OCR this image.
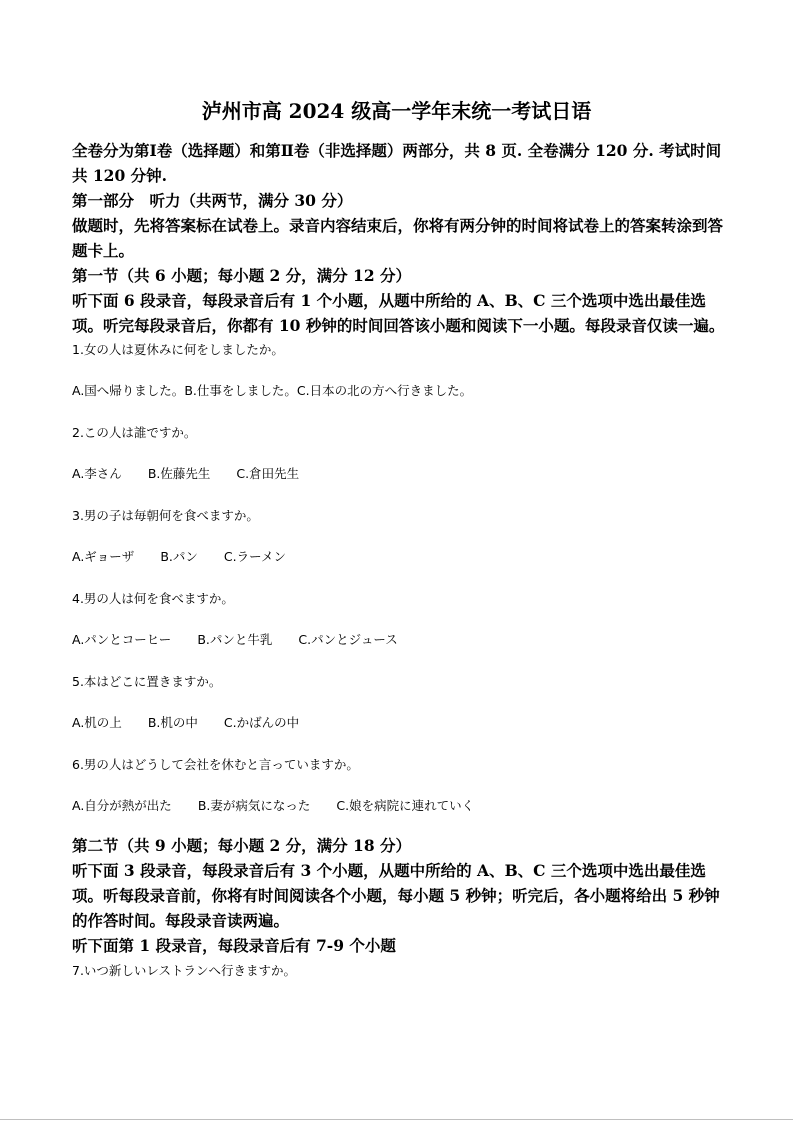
泸州市高 2024 级高一学年末统一考试日语

全卷分为第Ⅰ卷（选择题）和第Ⅱ卷（非选择题）两部分，共 8 页. 全卷满分 120 分. 考试时间共 120 分钟.

第一部分　听力（共两节，满分 30 分）

做题时，先将答案标在试卷上。录音内容结束后，你将有两分钟的时间将试卷上的答案转涂到答题卡上。

第一节（共 6 小题；每小题 2 分，满分 12 分）

听下面 6 段录音，每段录音后有 1 个小题，从题中所给的 A、B、C 三个选项中选出最佳选项。听完每段录音后，你都有 10 秒钟的时间回答该小题和阅读下一小题。每段录音仅读一遍。

1.女の人は夏休みに何をしましたか。

A.国へ帰りました。B.仕事をしました。C.日本の北の方へ行きました。

2.この人は誰ですか。

A.李さん B.佐藤先生 C.倉田先生

3.男の子は毎朝何を食べますか。

A.ギョーザ B.パン C.ラーメン

4.男の人は何を食べますか。

A.パンとコーヒー B.パンと牛乳 C.パンとジュース

5.本はどこに置きますか。

A.机の上 B.机の中 C.かばんの中

6.男の人はどうして会社を休むと言っていますか。

A.自分が熱が出た B.妻が病気になった C.娘を病院に連れていく

第二节（共 9 小题；每小题 2 分，满分 18 分）

听下面 3 段录音，每段录音后有 3 个小题，从题中所给的 A、B、C 三个选项中选出最佳选项。听每段录音前，你将有时间阅读各个小题，每小题 5 秒钟；听完后，各小题将给出 5 秒钟的作答时间。每段录音读两遍。

听下面第 1 段录音，每段录音后有 7-9 个小题

7.いつ新しいレストランへ行きますか。
